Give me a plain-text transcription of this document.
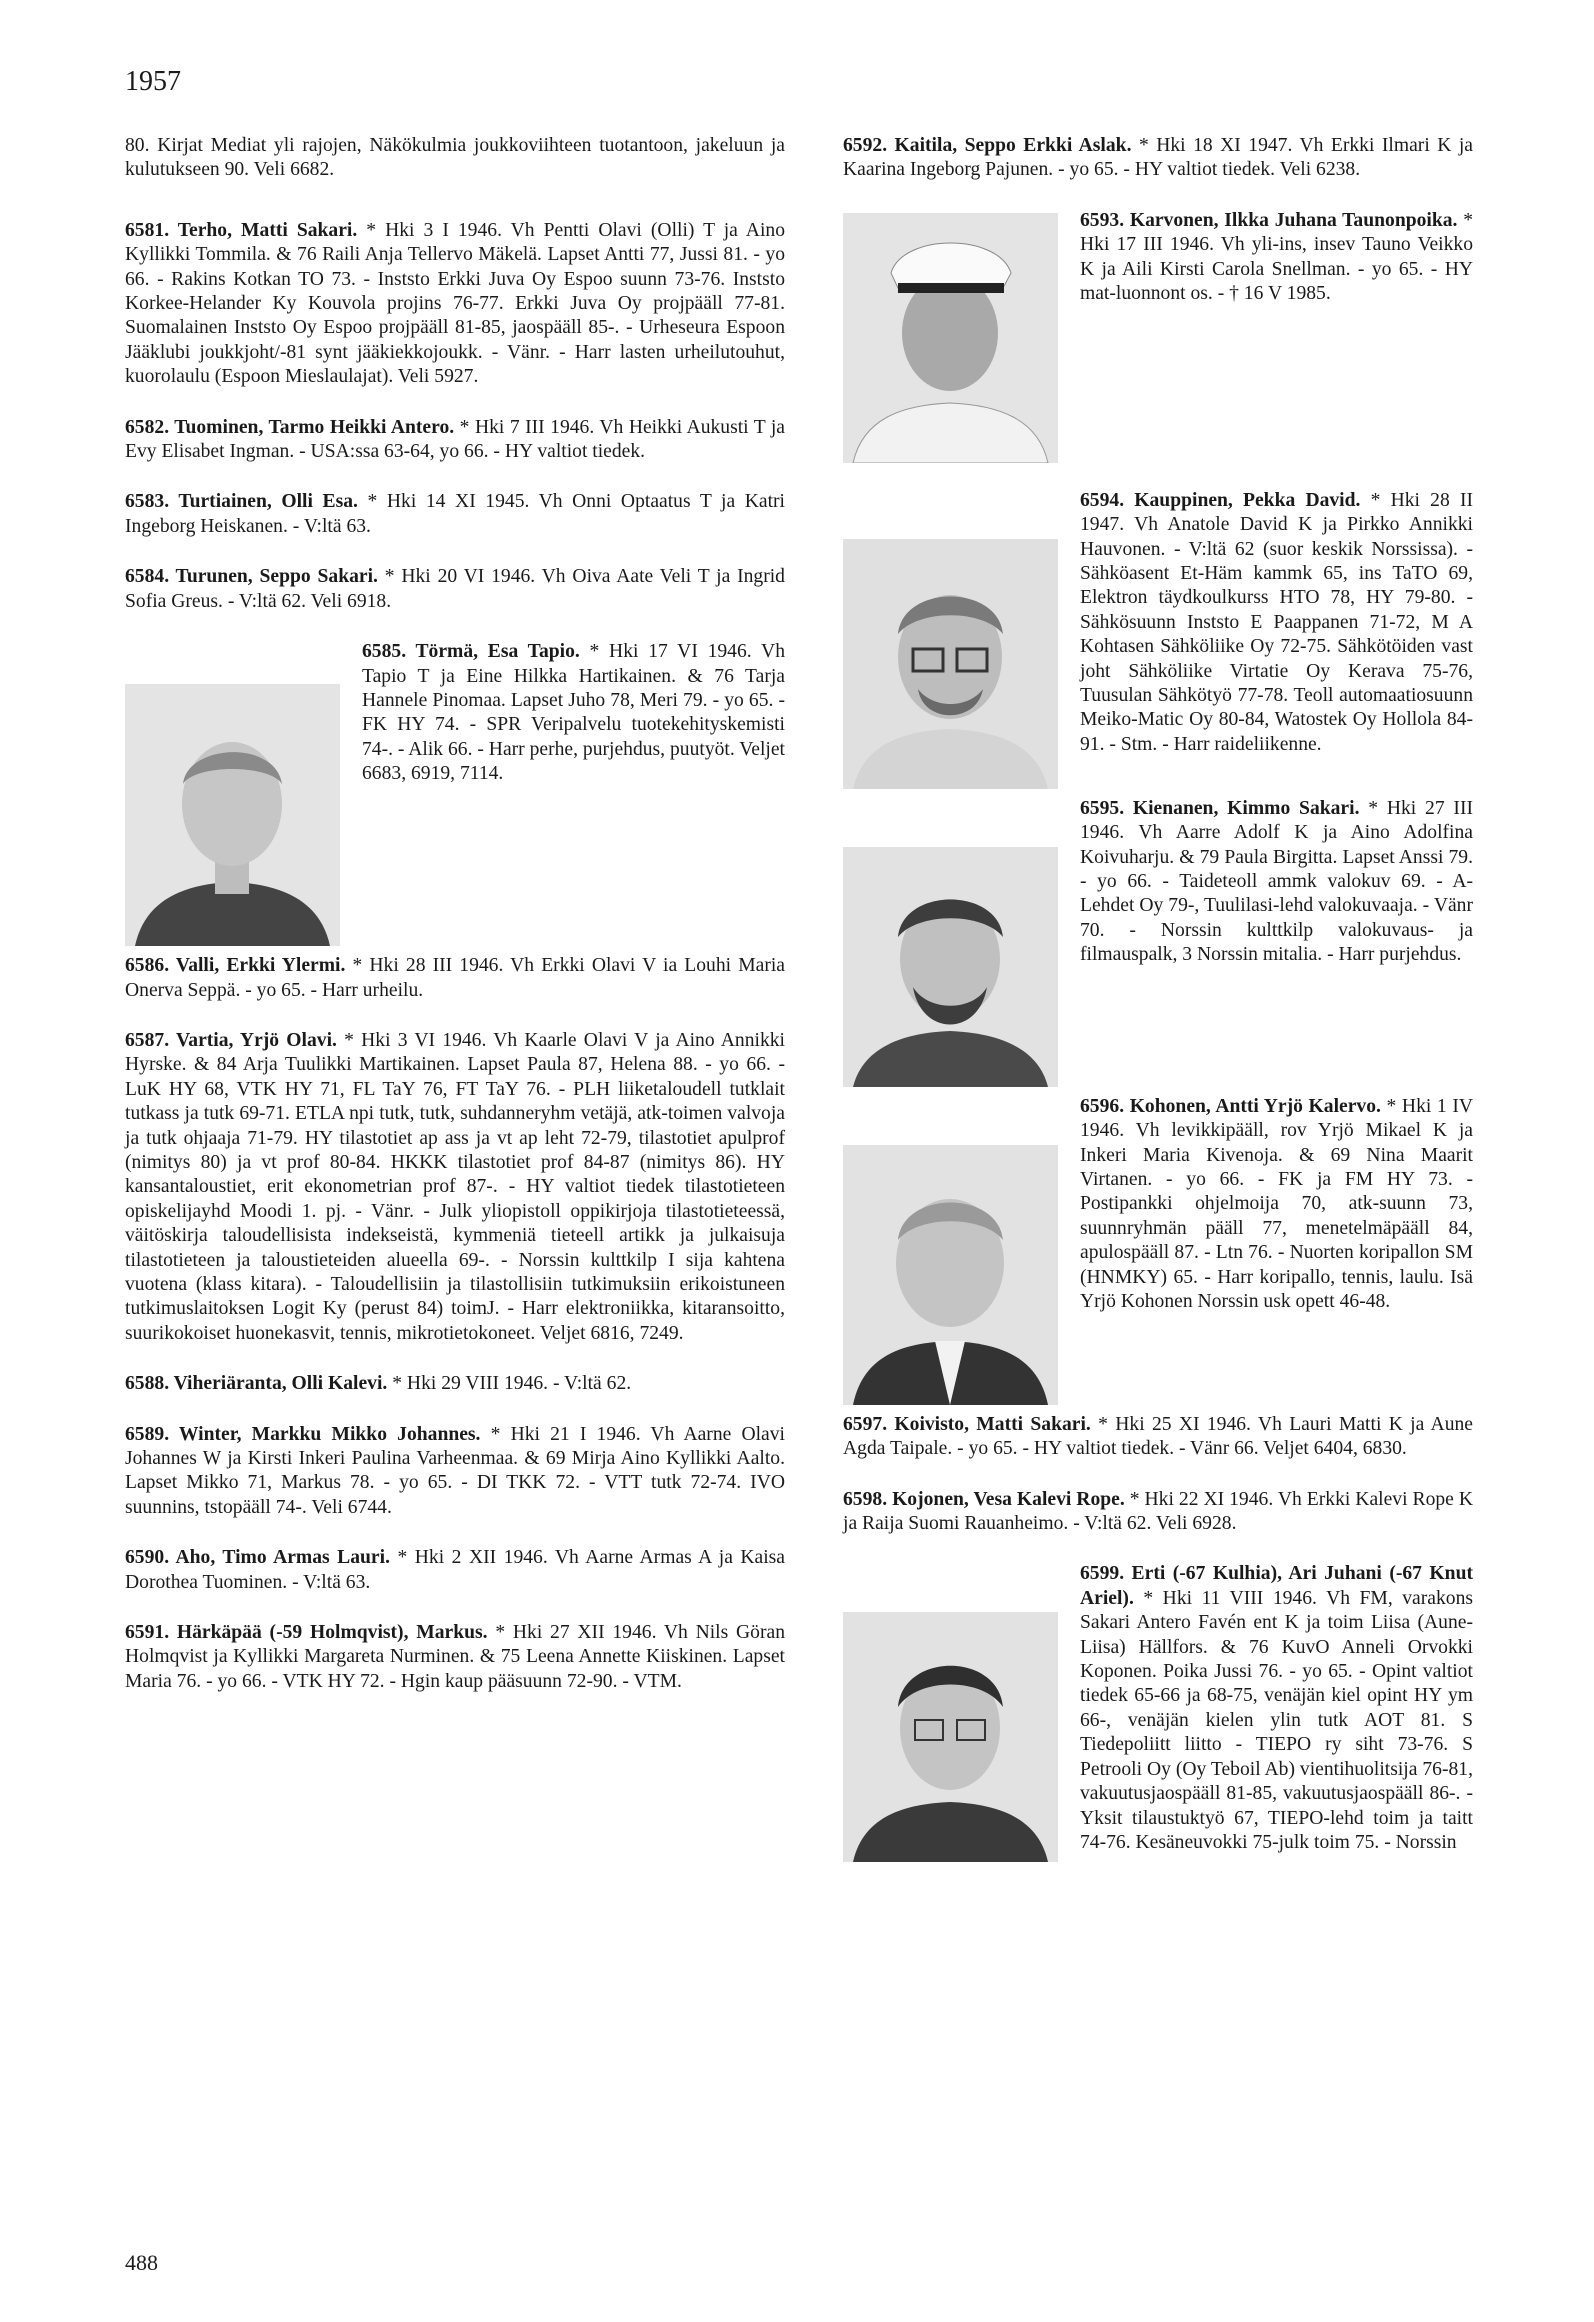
1957

80. Kirjat Mediat yli rajojen, Näkökulmia joukkoviihteen tuotantoon, jakeluun ja kulutukseen 90. Veli 6682.

6581. Terho, Matti Sakari. * Hki 3 I 1946. Vh Pentti Olavi (Olli) T ja Aino Kyllikki Tommila. & 76 Raili Anja Tellervo Mäkelä. Lapset Antti 77, Jussi 81. - yo 66. - Rakins Kotkan TO 73. - Inststo Erkki Juva Oy Espoo suunn 73-76. Inststo Korkee-Helander Ky Kouvola projins 76-77. Erkki Juva Oy projpääll 77-81. Suomalainen Inststo Oy Espoo projpääll 81-85, jaospääll 85-. - Urheseura Espoon Jääklubi joukkjoht/-81 synt jääkiekkojoukk. - Vänr. - Harr lasten urheilutouhut, kuorolaulu (Espoon Mieslaulajat). Veli 5927.

6582. Tuominen, Tarmo Heikki Antero. * Hki 7 III 1946. Vh Heikki Aukusti T ja Evy Elisabet Ingman. - USA:ssa 63-64, yo 66. - HY valtiot tiedek.

6583. Turtiainen, Olli Esa. * Hki 14 XI 1945. Vh Onni Optaatus T ja Katri Ingeborg Heiskanen. - V:ltä 63.

6584. Turunen, Seppo Sakari. * Hki 20 VI 1946. Vh Oiva Aate Veli T ja Ingrid Sofia Greus. - V:ltä 62. Veli 6918.

6585. Törmä, Esa Tapio. * Hki 17 VI 1946. Vh Tapio T ja Eine Hilkka Hartikainen. & 76 Tarja Hannele Pinomaa. Lapset Juho 78, Meri 79. - yo 65. - FK HY 74. - SPR Veripalvelu tuotekehityskemisti 74-. - Alik 66. - Harr perhe, purjehdus, puutyöt. Veljet 6683, 6919, 7114.

6586. Valli, Erkki Ylermi. * Hki 28 III 1946. Vh Erkki Olavi V ia Louhi Maria Onerva Seppä. - yo 65. - Harr urheilu.

6587. Vartia, Yrjö Olavi. * Hki 3 VI 1946. Vh Kaarle Olavi V ja Aino Annikki Hyrske. & 84 Arja Tuulikki Martikainen. Lapset Paula 87, Helena 88. - yo 66. - LuK HY 68, VTK HY 71, FL TaY 76, FT TaY 76. - PLH liiketaloudell tutklait tutkass ja tutk 69-71. ETLA npi tutk, tutk, suhdanneryhm vetäjä, atk-toimen valvoja ja tutk ohjaaja 71-79. HY tilastotiet ap ass ja vt ap leht 72-79, tilastotiet apulprof (nimitys 80) ja vt prof 80-84. HKKK tilastotiet prof 84-87 (nimitys 86). HY kansantaloustiet, erit ekonometrian prof 87-. - HY valtiot tiedek tilastotieteen opiskelijayhd Moodi 1. pj. - Vänr. - Julk yliopistoll oppikirjoja tilastotieteessä, väitöskirja taloudellisista indekseistä, kymmeniä tieteell artikk ja julkaisuja tilastotieteen ja taloustieteiden alueella 69-. - Norssin kulttkilp I sija kahtena vuotena (klass kitara). - Taloudellisiin ja tilastollisiin tutkimuksiin erikoistuneen tutkimuslaitoksen Logit Ky (perust 84) toimJ. - Harr elektroniikka, kitaransoitto, suurikokoiset huonekasvit, tennis, mikrotietokoneet. Veljet 6816, 7249.

6588. Viheriäranta, Olli Kalevi. * Hki 29 VIII 1946. - V:ltä 62.

6589. Winter, Markku Mikko Johannes. * Hki 21 I 1946. Vh Aarne Olavi Johannes W ja Kirsti Inkeri Paulina Varheenmaa. & 69 Mirja Aino Kyllikki Aalto. Lapset Mikko 71, Markus 78. - yo 65. - DI TKK 72. - VTT tutk 72-74. IVO suunnins, tstopääll 74-. Veli 6744.

6590. Aho, Timo Armas Lauri. * Hki 2 XII 1946. Vh Aarne Armas A ja Kaisa Dorothea Tuominen. - V:ltä 63.

6591. Härkäpää (-59 Holmqvist), Markus. * Hki 27 XII 1946. Vh Nils Göran Holmqvist ja Kyllikki Margareta Nurminen. & 75 Leena Annette Kiiskinen. Lapset Maria 76. - yo 66. - VTK HY 72. - Hgin kaup pääsuunn 72-90. - VTM.

6592. Kaitila, Seppo Erkki Aslak. * Hki 18 XI 1947. Vh Erkki Ilmari K ja Kaarina Ingeborg Pajunen. - yo 65. - HY valtiot tiedek. Veli 6238.

6593. Karvonen, Ilkka Juhana Taunonpoika. * Hki 17 III 1946. Vh yli-ins, insev Tauno Veikko K ja Aili Kirsti Carola Snellman. - yo 65. - HY mat-luonnont os. - † 16 V 1985.

6594. Kauppinen, Pekka David. * Hki 28 II 1947. Vh Anatole David K ja Pirkko Annikki Hauvonen. - V:ltä 62 (suor keskik Norssissa). - Sähköasent Et-Häm kammk 65, ins TaTO 69, Elektron täydkoulkurss HTO 78, HY 79-80. - Sähkösuunn Inststo E Paappanen 71-72, M A Kohtasen Sähköliike Oy 72-75. Sähkötöiden vast joht Sähköliike Virtatie Oy Kerava 75-76, Tuusulan Sähkötyö 77-78. Teoll automaatiosuunn Meiko-Matic Oy 80-84, Watostek Oy Hollola 84-91. - Stm. - Harr raideliikenne.

6595. Kienanen, Kimmo Sakari. * Hki 27 III 1946. Vh Aarre Adolf K ja Aino Adolfina Koivuharju. & 79 Paula Birgitta. Lapset Anssi 79. - yo 66. - Taideteoll ammk valokuv 69. - A-Lehdet Oy 79-, Tuulilasi-lehd valokuvaaja. - Vänr 70. - Norssin kulttkilp valokuvaus- ja filmauspalk, 3 Norssin mitalia. - Harr purjehdus.

6596. Kohonen, Antti Yrjö Kalervo. * Hki 1 IV 1946. Vh levikkipääll, rov Yrjö Mikael K ja Inkeri Maria Kivenoja. & 69 Nina Maarit Virtanen. - yo 66. - FK ja FM HY 73. - Postipankki ohjelmoija 70, atk-suunn 73, suunnryhmän pääll 77, menetelmäpääll 84, apulospääll 87. - Ltn 76. - Nuorten koripallon SM (HNMKY) 65. - Harr koripallo, tennis, laulu. Isä Yrjö Kohonen Norssin usk opett 46-48.

6597. Koivisto, Matti Sakari. * Hki 25 XI 1946. Vh Lauri Matti K ja Aune Agda Taipale. - yo 65. - HY valtiot tiedek. - Vänr 66. Veljet 6404, 6830.

6598. Kojonen, Vesa Kalevi Rope. * Hki 22 XI 1946. Vh Erkki Kalevi Rope K ja Raija Suomi Rauanheimo. - V:ltä 62. Veli 6928.

6599. Erti (-67 Kulhia), Ari Juhani (-67 Knut Ariel). * Hki 11 VIII 1946. Vh FM, varakons Sakari Antero Favén ent K ja toim Liisa (Aune-Liisa) Hällfors. & 76 KuvO Anneli Orvokki Koponen. Poika Jussi 76. - yo 65. - Opint valtiot tiedek 65-66 ja 68-75, venäjän kiel opint HY ym 66-, venäjän kielen ylin tutk AOT 81. S Tiedepoliitt liitto - TIEPO ry siht 73-76. S Petrooli Oy (Oy Teboil Ab) vientihuolitsija 76-81, vakuutusjaospääll 81-85, vakuutusjaospääll 86-. - Yksit tilaustuktyö 67, TIEPO-lehd toim ja taitt 74-76. Kesäneuvokki 75-julk toim 75. - Norssin

488
